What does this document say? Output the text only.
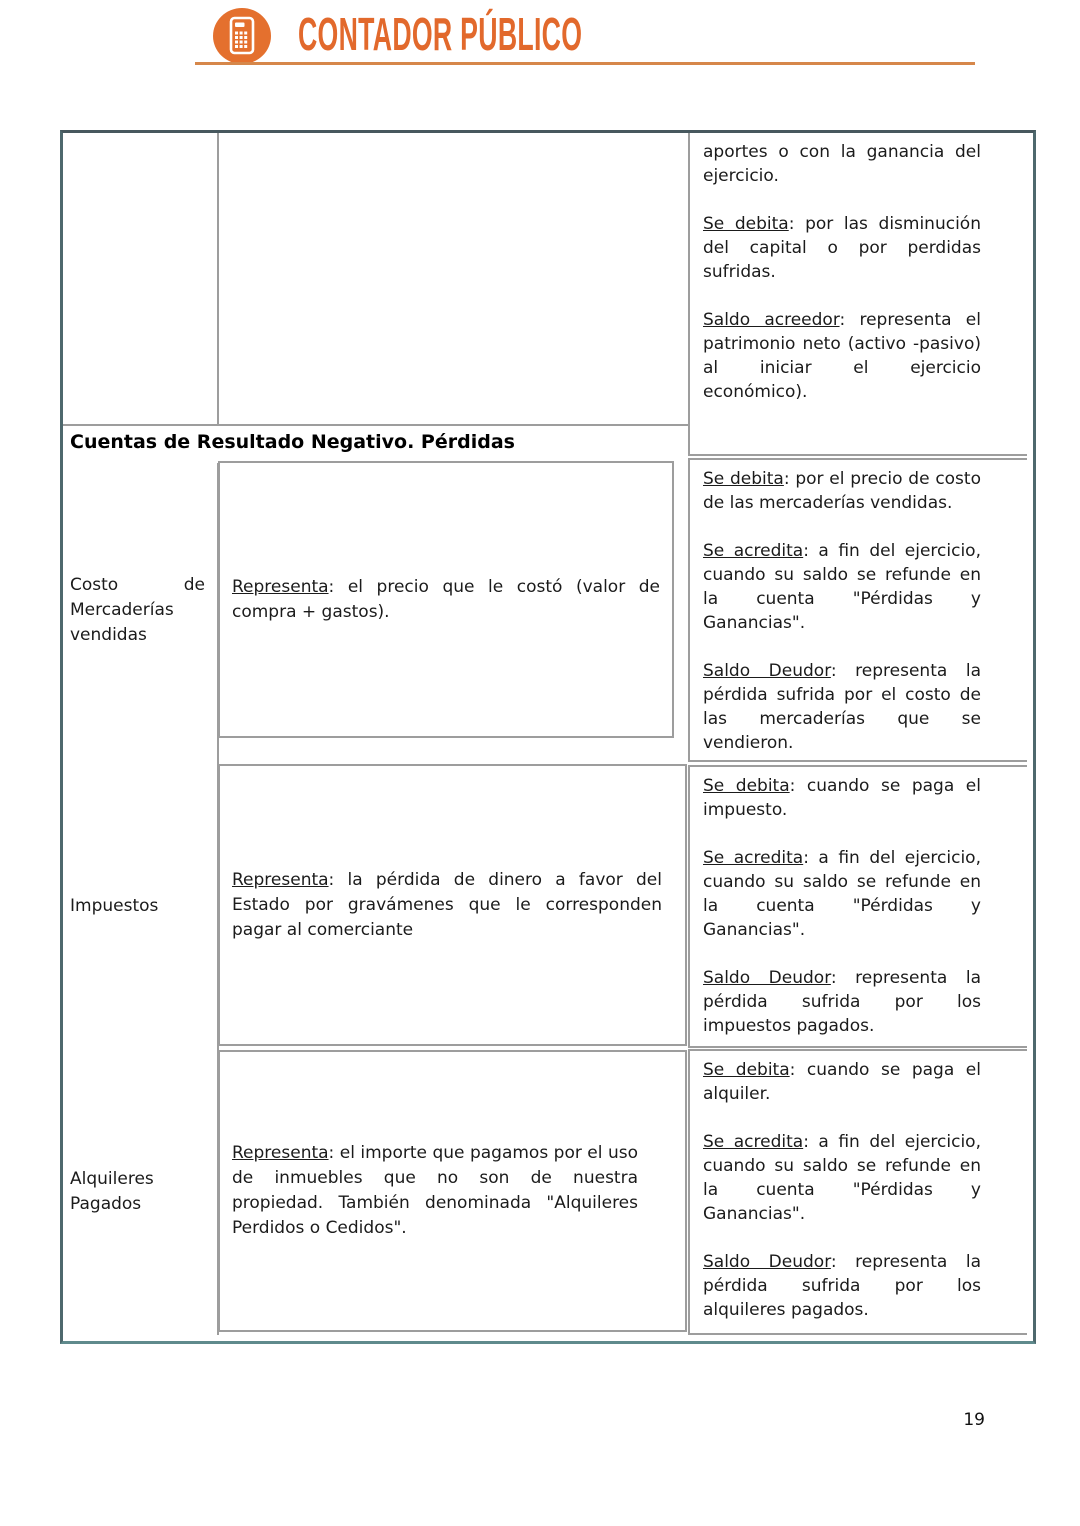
CONTADOR PÚBLICO

aportes o con la ganancia del ejercicio.

Se debita: por las disminución del capital o por perdidas sufridas.

Saldo acreedor: representa el patrimonio neto (activo -pasivo) al iniciar el ejercicio económico).

Cuentas de Resultado Negativo. Pérdidas

Costo de Mercaderías vendidas

Representa: el precio que le costó (valor de compra + gastos).

Se debita: por el precio de costo de las mercaderías vendidas.

Se acredita: a fin del ejercicio, cuando su saldo se refunde en la cuenta "Pérdidas y Ganancias".

Saldo Deudor: representa la pérdida sufrida por el costo de las mercaderías que se vendieron.

Impuestos

Representa: la pérdida de dinero a favor del Estado por gravámenes que le corresponden pagar al comerciante

Se debita: cuando se paga el impuesto.

Se acredita: a fin del ejercicio, cuando su saldo se refunde en la cuenta "Pérdidas y Ganancias".

Saldo Deudor: representa la pérdida sufrida por los impuestos pagados.

Alquileres Pagados

Representa: el importe que pagamos por el uso de inmuebles que no son de nuestra propiedad. También denominada "Alquileres Perdidos o Cedidos".

Se debita: cuando se paga el alquiler.

Se acredita: a fin del ejercicio, cuando su saldo se refunde en la cuenta "Pérdidas y Ganancias".

Saldo Deudor: representa la pérdida sufrida por los alquileres pagados.

19
